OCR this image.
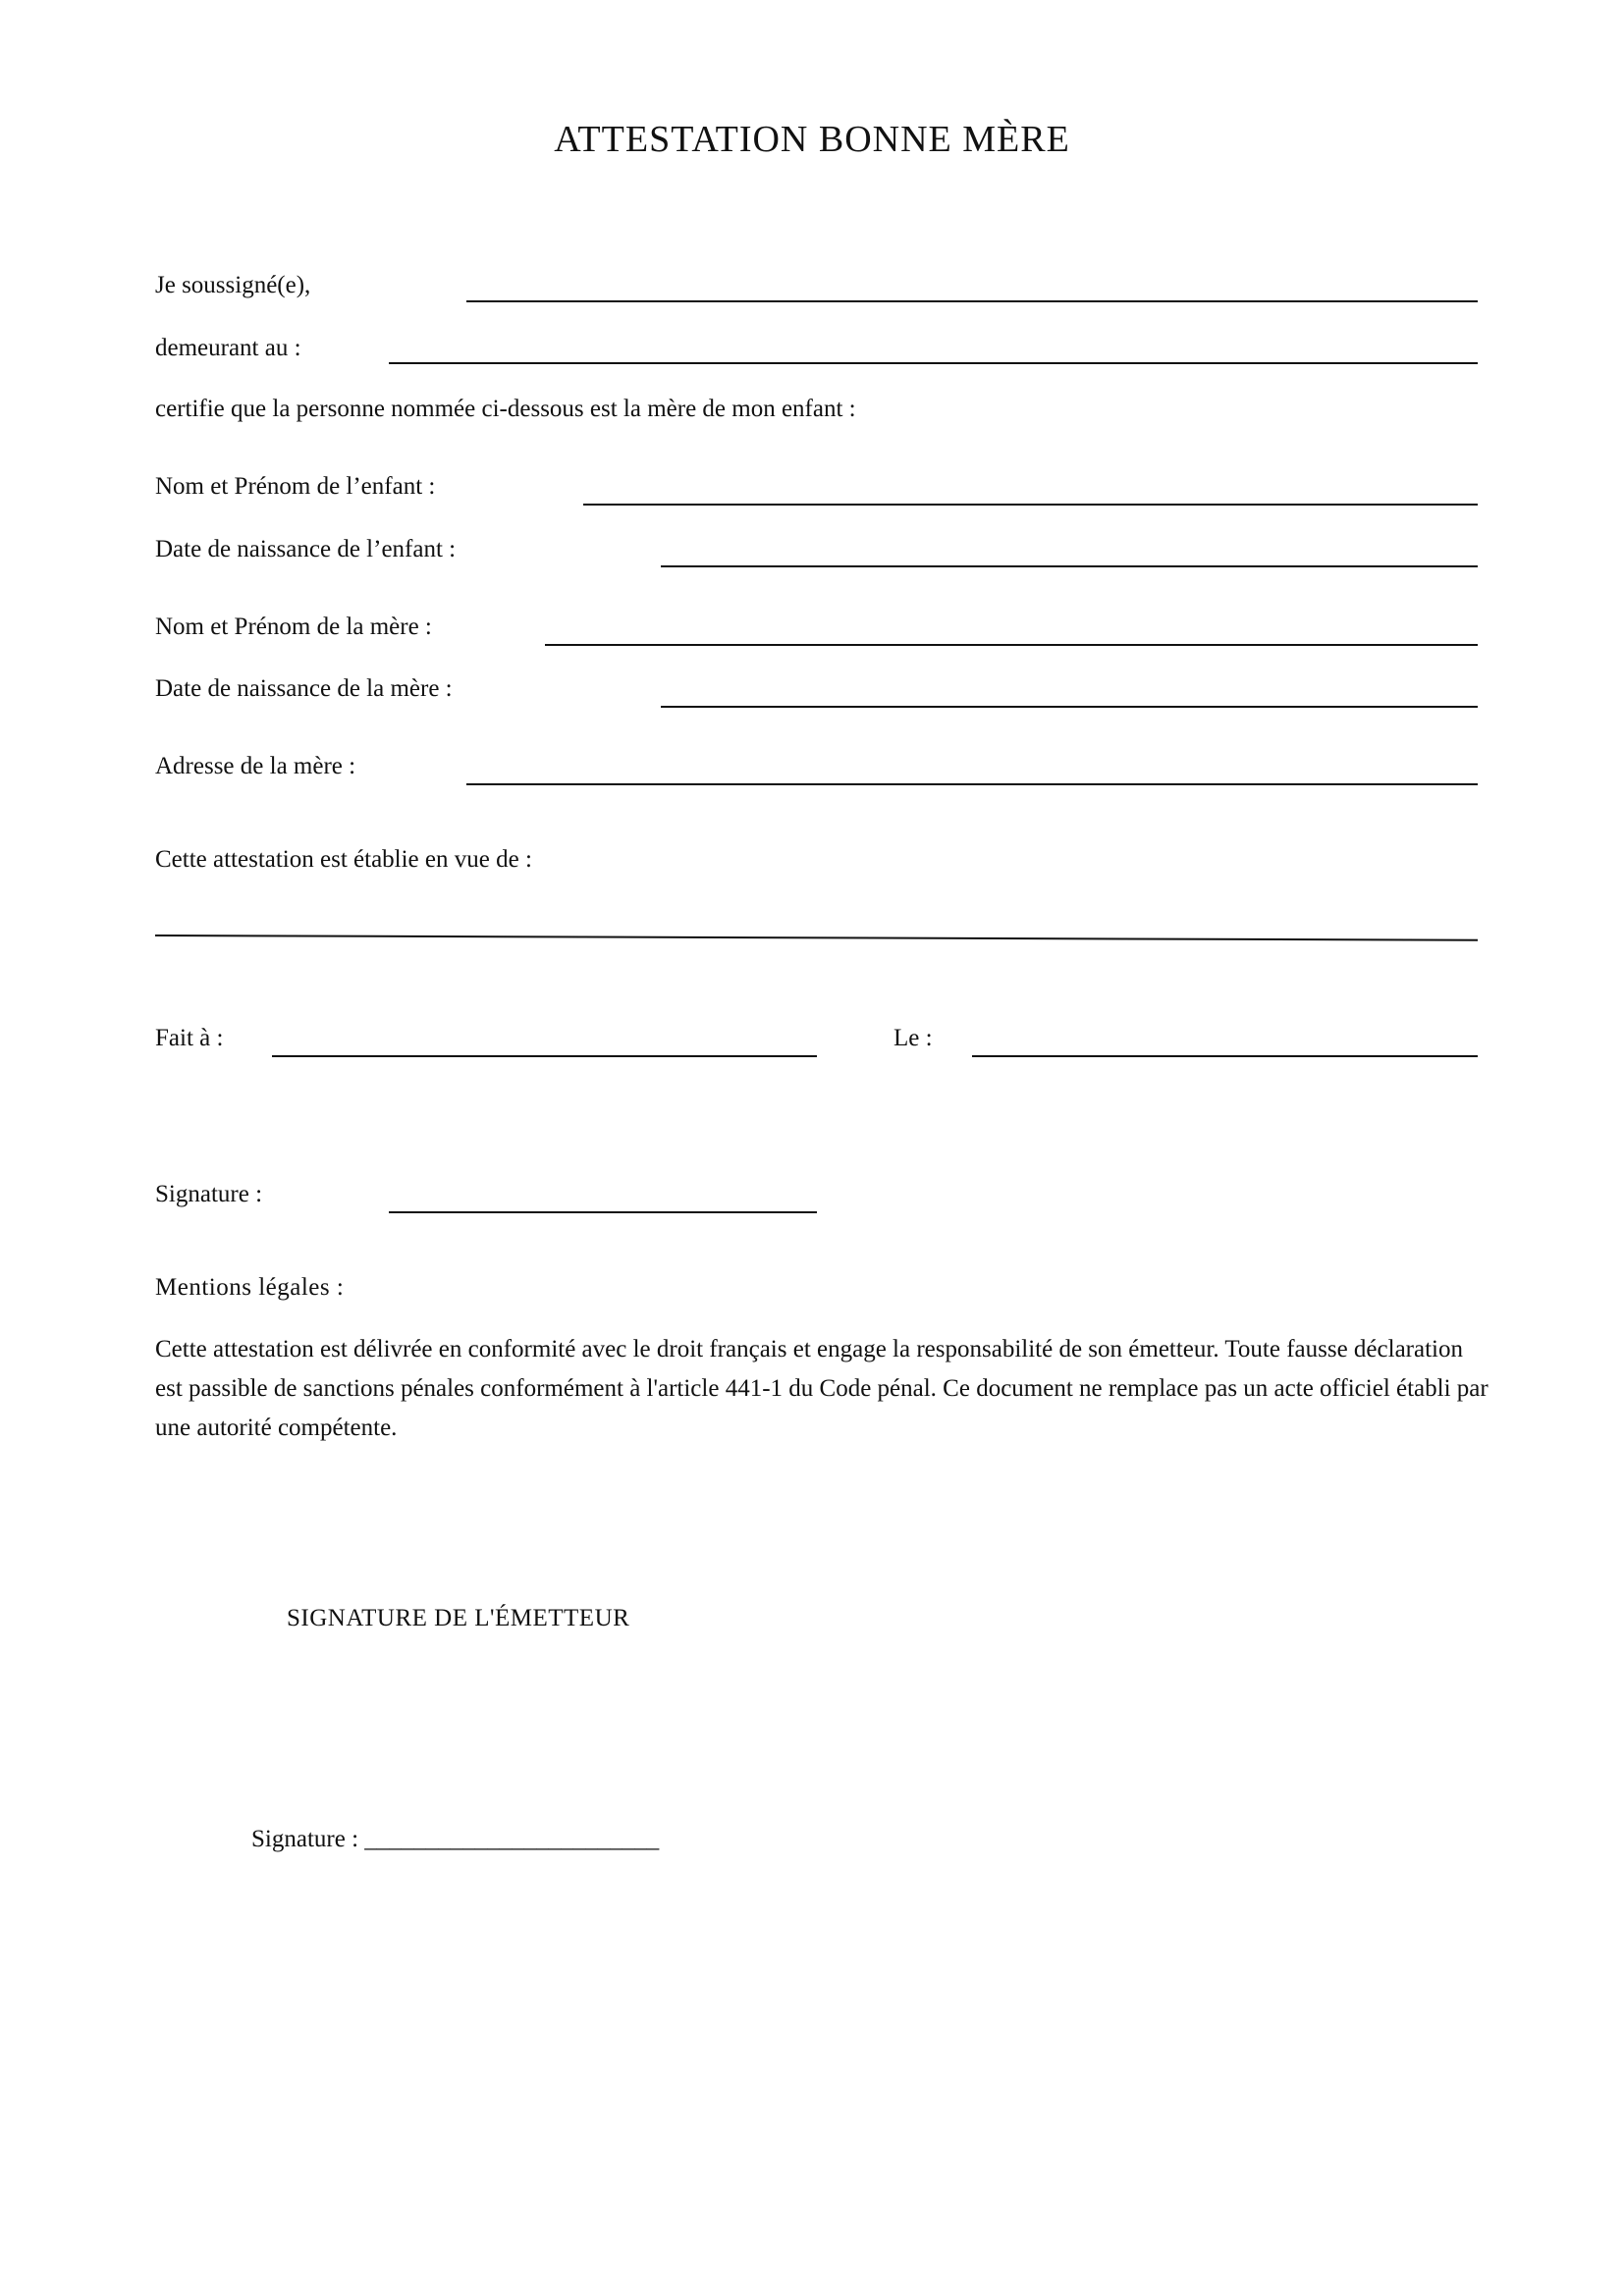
ATTESTATION BONNE MÈRE
Je soussigné(e),
demeurant au :
certifie que la personne nommée ci-dessous est la mère de mon enfant :
Nom et Prénom de l’enfant :
Date de naissance de l’enfant :
Nom et Prénom de la mère :
Date de naissance de la mère :
Adresse de la mère :
Cette attestation est établie en vue de :
Fait à :	Le :
Signature :
Mentions légales :
Cette attestation est délivrée en conformité avec le droit français et engage la responsabilité de son émetteur. Toute fausse déclaration est passible de sanctions pénales conformément à l'article 441-1 du Code pénal. Ce document ne remplace pas un acte officiel établi par une autorité compétente.
SIGNATURE DE L'ÉMETTEUR
Signature : ________________________
